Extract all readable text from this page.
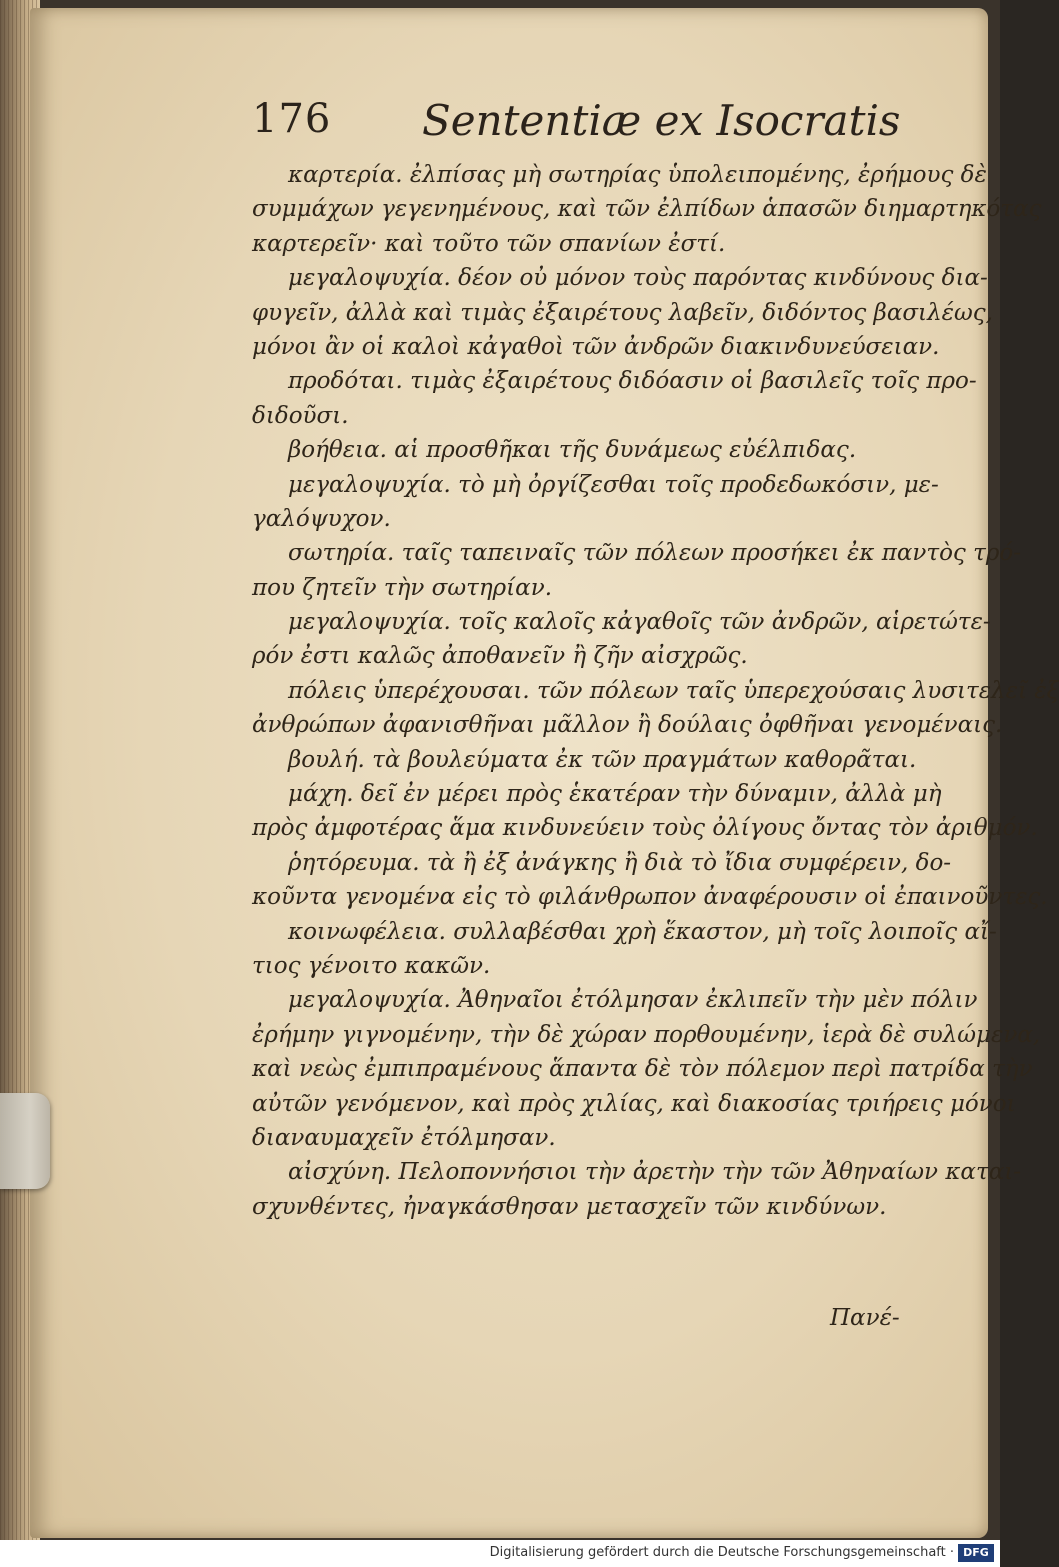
176 Sententiæ ex Isocratis
καρτερία. ἐλπίσας μὴ σωτηρίας ὑπολειπομένης, ἐρήμους δὲ
συμμάχων γεγενημένους, καὶ τῶν ἐλπίδων ἁπασῶν διημαρτηκότας
καρτερεῖν· καὶ τοῦτο τῶν σπανίων ἐστί.
μεγαλοψυχία. δέον οὐ μόνον τοὺς παρόντας κινδύνους δια-
φυγεῖν, ἀλλὰ καὶ τιμὰς ἐξαιρέτους λαβεῖν, διδόντος βασιλέως,
μόνοι ἂν οἱ καλοὶ κἀγαθοὶ τῶν ἀνδρῶν διακινδυνεύσειαν.
προδόται. τιμὰς ἐξαιρέτους διδόασιν οἱ βασιλεῖς τοῖς προ-
διδοῦσι.
βοήθεια. αἱ προσθῆκαι τῆς δυνάμεως εὐέλπιδας.
μεγαλοψυχία. τὸ μὴ ὀργίζεσθαι τοῖς προδεδωκόσιν, με-
γαλόψυχον.
σωτηρία. ταῖς ταπειναῖς τῶν πόλεων προσήκει ἐκ παντὸς τρό-
που ζητεῖν τὴν σωτηρίαν.
μεγαλοψυχία. τοῖς καλοῖς κἀγαθοῖς τῶν ἀνδρῶν, αἱρετώτε-
ρόν ἐστι καλῶς ἀποθανεῖν ἢ ζῆν αἰσχρῶς.
πόλεις ὑπερέχουσαι. τῶν πόλεων ταῖς ὑπερεχούσαις λυσιτελεῖ ἐξ
ἀνθρώπων ἀφανισθῆναι μᾶλλον ἢ δούλαις ὀφθῆναι γενομέναις.
βουλή. τὰ βουλεύματα ἐκ τῶν πραγμάτων καθορᾶται.
μάχη. δεῖ ἐν μέρει πρὸς ἑκατέραν τὴν δύναμιν, ἀλλὰ μὴ
πρὸς ἀμφοτέρας ἅμα κινδυνεύειν τοὺς ὀλίγους ὄντας τὸν ἀριθμόν.
ῥητόρευμα. τὰ ἢ ἐξ ἀνάγκης ἢ διὰ τὸ ἴδια συμφέρειν, δο-
κοῦντα γενομένα εἰς τὸ φιλάνθρωπον ἀναφέρουσιν οἱ ἐπαινοῦντες.
κοινωφέλεια. συλλαβέσθαι χρὴ ἕκαστον, μὴ τοῖς λοιποῖς αἴ-
τιος γένοιτο κακῶν.
μεγαλοψυχία. Ἀθηναῖοι ἐτόλμησαν ἐκλιπεῖν τὴν μὲν πόλιν
ἐρήμην γιγνομένην, τὴν δὲ χώραν πορθουμένην, ἱερὰ δὲ συλώμενα,
καὶ νεὼς ἐμπιπραμένους ἅπαντα δὲ τὸν πόλεμον περὶ πατρίδα τὴν
αὐτῶν γενόμενον, καὶ πρὸς χιλίας, καὶ διακοσίας τριήρεις μόνοι
διαναυμαχεῖν ἐτόλμησαν.
αἰσχύνη. Πελοποννήσιοι τὴν ἀρετὴν τὴν τῶν Ἀθηναίων καται-
σχυνθέντες, ἠναγκάσθησαν μετασχεῖν τῶν κινδύνων.
Πανέ-
Digitalisierung gefördert durch die Deutsche Forschungsgemeinschaft · DFG
